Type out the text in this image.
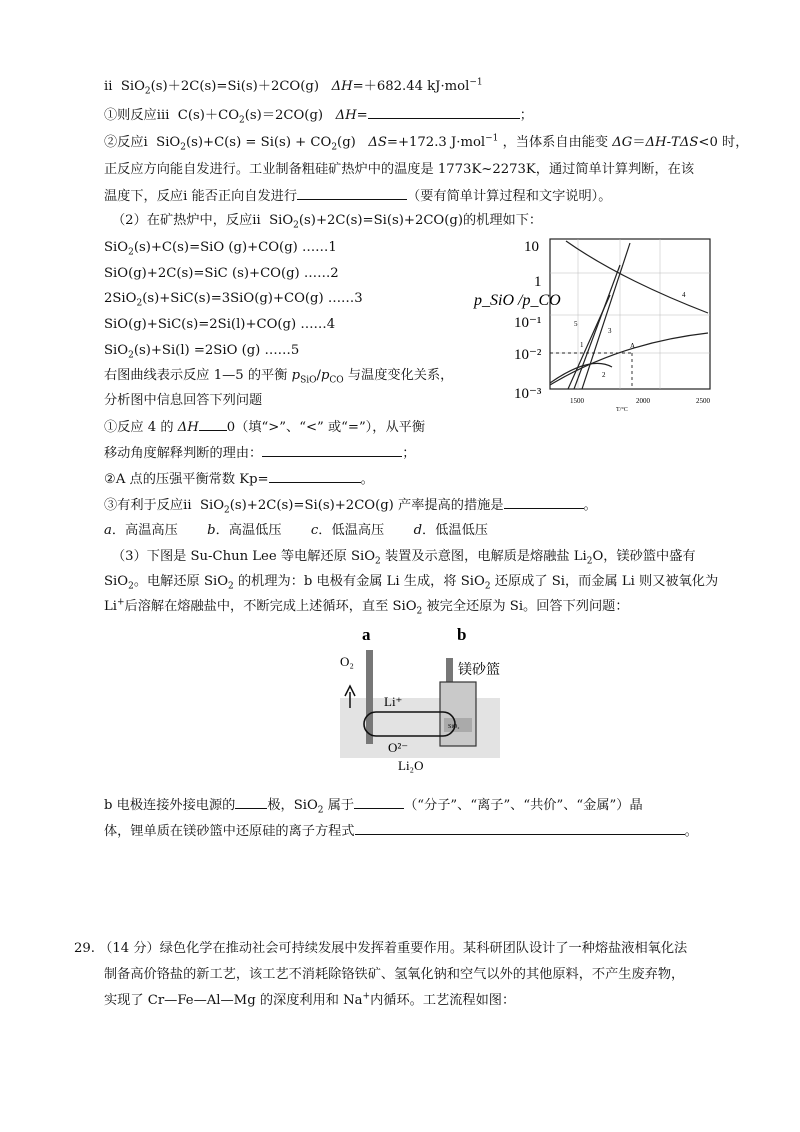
ⅱ  SiO$_2$(s)＋2C(s)=Si(s)＋2CO(g)   ΔH=＋682.44 kJ·mol$^{-1}$
①则反应ⅲ  $C(s)+CO_2(s)=2CO(g)$   ΔH=	；
②反应ⅰ  $SiO_2(s)+C(s) = Si(s) + CO_2(g)$   ΔS=+172.3 J·mol$^{-1}$ ，当体系自由能变 ΔG＝ΔH-TΔS<0 时，
正反应方向能自发进行。工业制备粗硅矿热炉中的温度是 1773K~2273K，通过简单计算判断，在该
温度下，反应ⅰ 能否正向自发进行	（要有简单计算过程和文字说明）。
（2）在矿热炉中，反应ⅱ  SiO$_2$(s)+2C(s)=Si(s)+2CO(g)的机理如下：
SiO$_2$(s)+C(s)=SiO (g)+CO(g) ……1
SiO(g)+2C(s)=SiC (s)+CO(g) ……2
2SiO$_2$(s)+SiC(s)=3SiO(g)+CO(g) ……3
SiO(g)+SiC(s)=2Si(l)+CO(g) ……4
SiO$_2$(s)+Si(l) =2SiO (g) ……5
右图曲线表示反应 1—5 的平衡 $p_{SiO}/p_{CO}$ 与温度变化关系，
分析图中信息回答下列问题
①反应 4 的 ΔH 0（填“>”、“<” 或“=”），从平衡
移动角度解释判断的理由：	；
②A 点的压强平衡常数 Kp=	。
③有利于反应ⅱ  SiO$_2$(s)+2C(s)=Si(s)+2CO(g) 产率提高的措施是	。
a．高温高压       b．高温低压       c．低温高压       d．低温低压
（3）下图是 Su-Chun Lee 等电解还原 SiO$_2$ 装置及示意图，电解质是熔融盐 $Li_2O$，镁砂篮中盛有
SiO$_2$。电解还原 SiO$_2$ 的机理为：b 电极有金属 Li 生成，将 SiO$_2$ 还原成了 Si，而金属 Li 则又被氧化为
Li+后溶解在熔融盐中，不断完成上述循环，直至 SiO$_2$ 被完全还原为 Si。回答下列问题：
b 电极连接外接电源的 极，SiO$_2$ 属于	（“分子”、“离子”、“共价”、“金属”）晶
体，锂单质在镁砂篮中还原硅的离子方程式	。
29. （14 分）绿色化学在推动社会可持续发展中发挥着重要作用。某科研团队设计了一种熔盐液相氧化法
制备高价铬盐的新工艺，该工艺不消耗除铬铁矿、氢氧化钠和空气以外的其他原料，不产生废弃物，
实现了 Cr—Fe—Al—Mg 的深度利用和 Na+内循环。工艺流程如图：
10
1
10⁻¹
10⁻²
10⁻³
p_SiO /p_CO
1500	2000	2500
T/°C
4
5
3
1
2
A
a	b
O₂
镁砂篮
Li⁺
O²⁻
Li₂O
SiO₂
